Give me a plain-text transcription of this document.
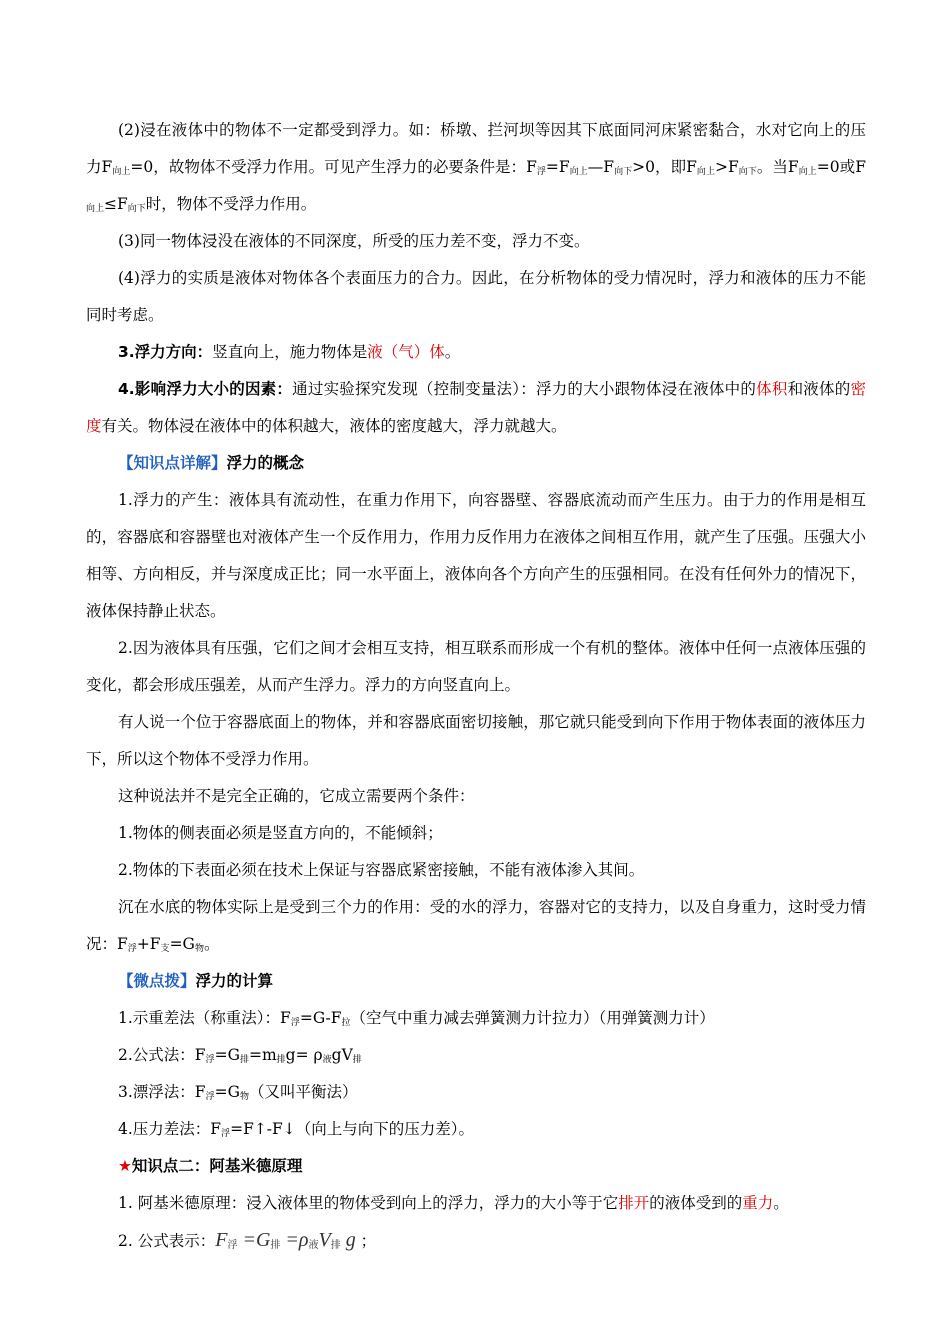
(2)浸在液体中的物体不一定都受到浮力。如：桥墩、拦河坝等因其下底面同河床紧密黏合，水对它向上的压力$F_{向上}=0$，故物体不受浮力作用。可见产生浮力的必要条件是：$F_浮=F_{向上}—F_{向下}>0$，即$F_{向上}>F_{向下}$。当$F_{向上}=0$或$F_{向上}\le F_{向下}$时，物体不受浮力作用。

(3)同一物体浸没在液体的不同深度，所受的压力差不变，浮力不变。

(4)浮力的实质是液体对物体各个表面压力的合力。因此，在分析物体的受力情况时，浮力和液体的压力不能同时考虑。

3.浮力方向：竖直向上，施力物体是液（气）体。

4.影响浮力大小的因素：通过实验探究发现（控制变量法）：浮力的大小跟物体浸在液体中的体积和液体的密度有关。物体浸在液体中的体积越大，液体的密度越大，浮力就越大。

【知识点详解】浮力的概念

1.浮力的产生：液体具有流动性，在重力作用下，向容器壁、容器底流动而产生压力。由于力的作用是相互的，容器底和容器壁也对液体产生一个反作用力，作用力反作用力在液体之间相互作用，就产生了压强。压强大小相等、方向相反，并与深度成正比；同一水平面上，液体向各个方向产生的压强相同。在没有任何外力的情况下，液体保持静止状态。

2.因为液体具有压强，它们之间才会相互支持，相互联系而形成一个有机的整体。液体中任何一点液体压强的变化，都会形成压强差，从而产生浮力。浮力的方向竖直向上。

有人说一个位于容器底面上的物体，并和容器底面密切接触，那它就只能受到向下作用于物体表面的液体压力下，所以这个物体不受浮力作用。

这种说法并不是完全正确的，它成立需要两个条件：

1.物体的侧表面必须是竖直方向的，不能倾斜；

2.物体的下表面必须在技术上保证与容器底紧密接触，不能有液体渗入其间。

沉在水底的物体实际上是受到三个力的作用：受的水的浮力，容器对它的支持力，以及自身重力，这时受力情况：$F_浮+F_支=G_物$。

【微点拨】浮力的计算

1.示重差法（称重法）：$F_浮=G-F_拉$（空气中重力减去弹簧测力计拉力）（用弹簧测力计）

2.公式法：$F_浮=G_排=m_排g= \rho_液gV_排$

3.漂浮法：$F_浮=G_物$（又叫平衡法）

4.压力差法：$F_浮=F↑-F↓$（向上与向下的压力差）。

★知识点二：阿基米德原理

1. 阿基米德原理：浸入液体里的物体受到向上的浮力，浮力的大小等于它排开的液体受到的重力。

2. 公式表示：$F_浮 =G_排 =\rho_液V_排$ g ；
